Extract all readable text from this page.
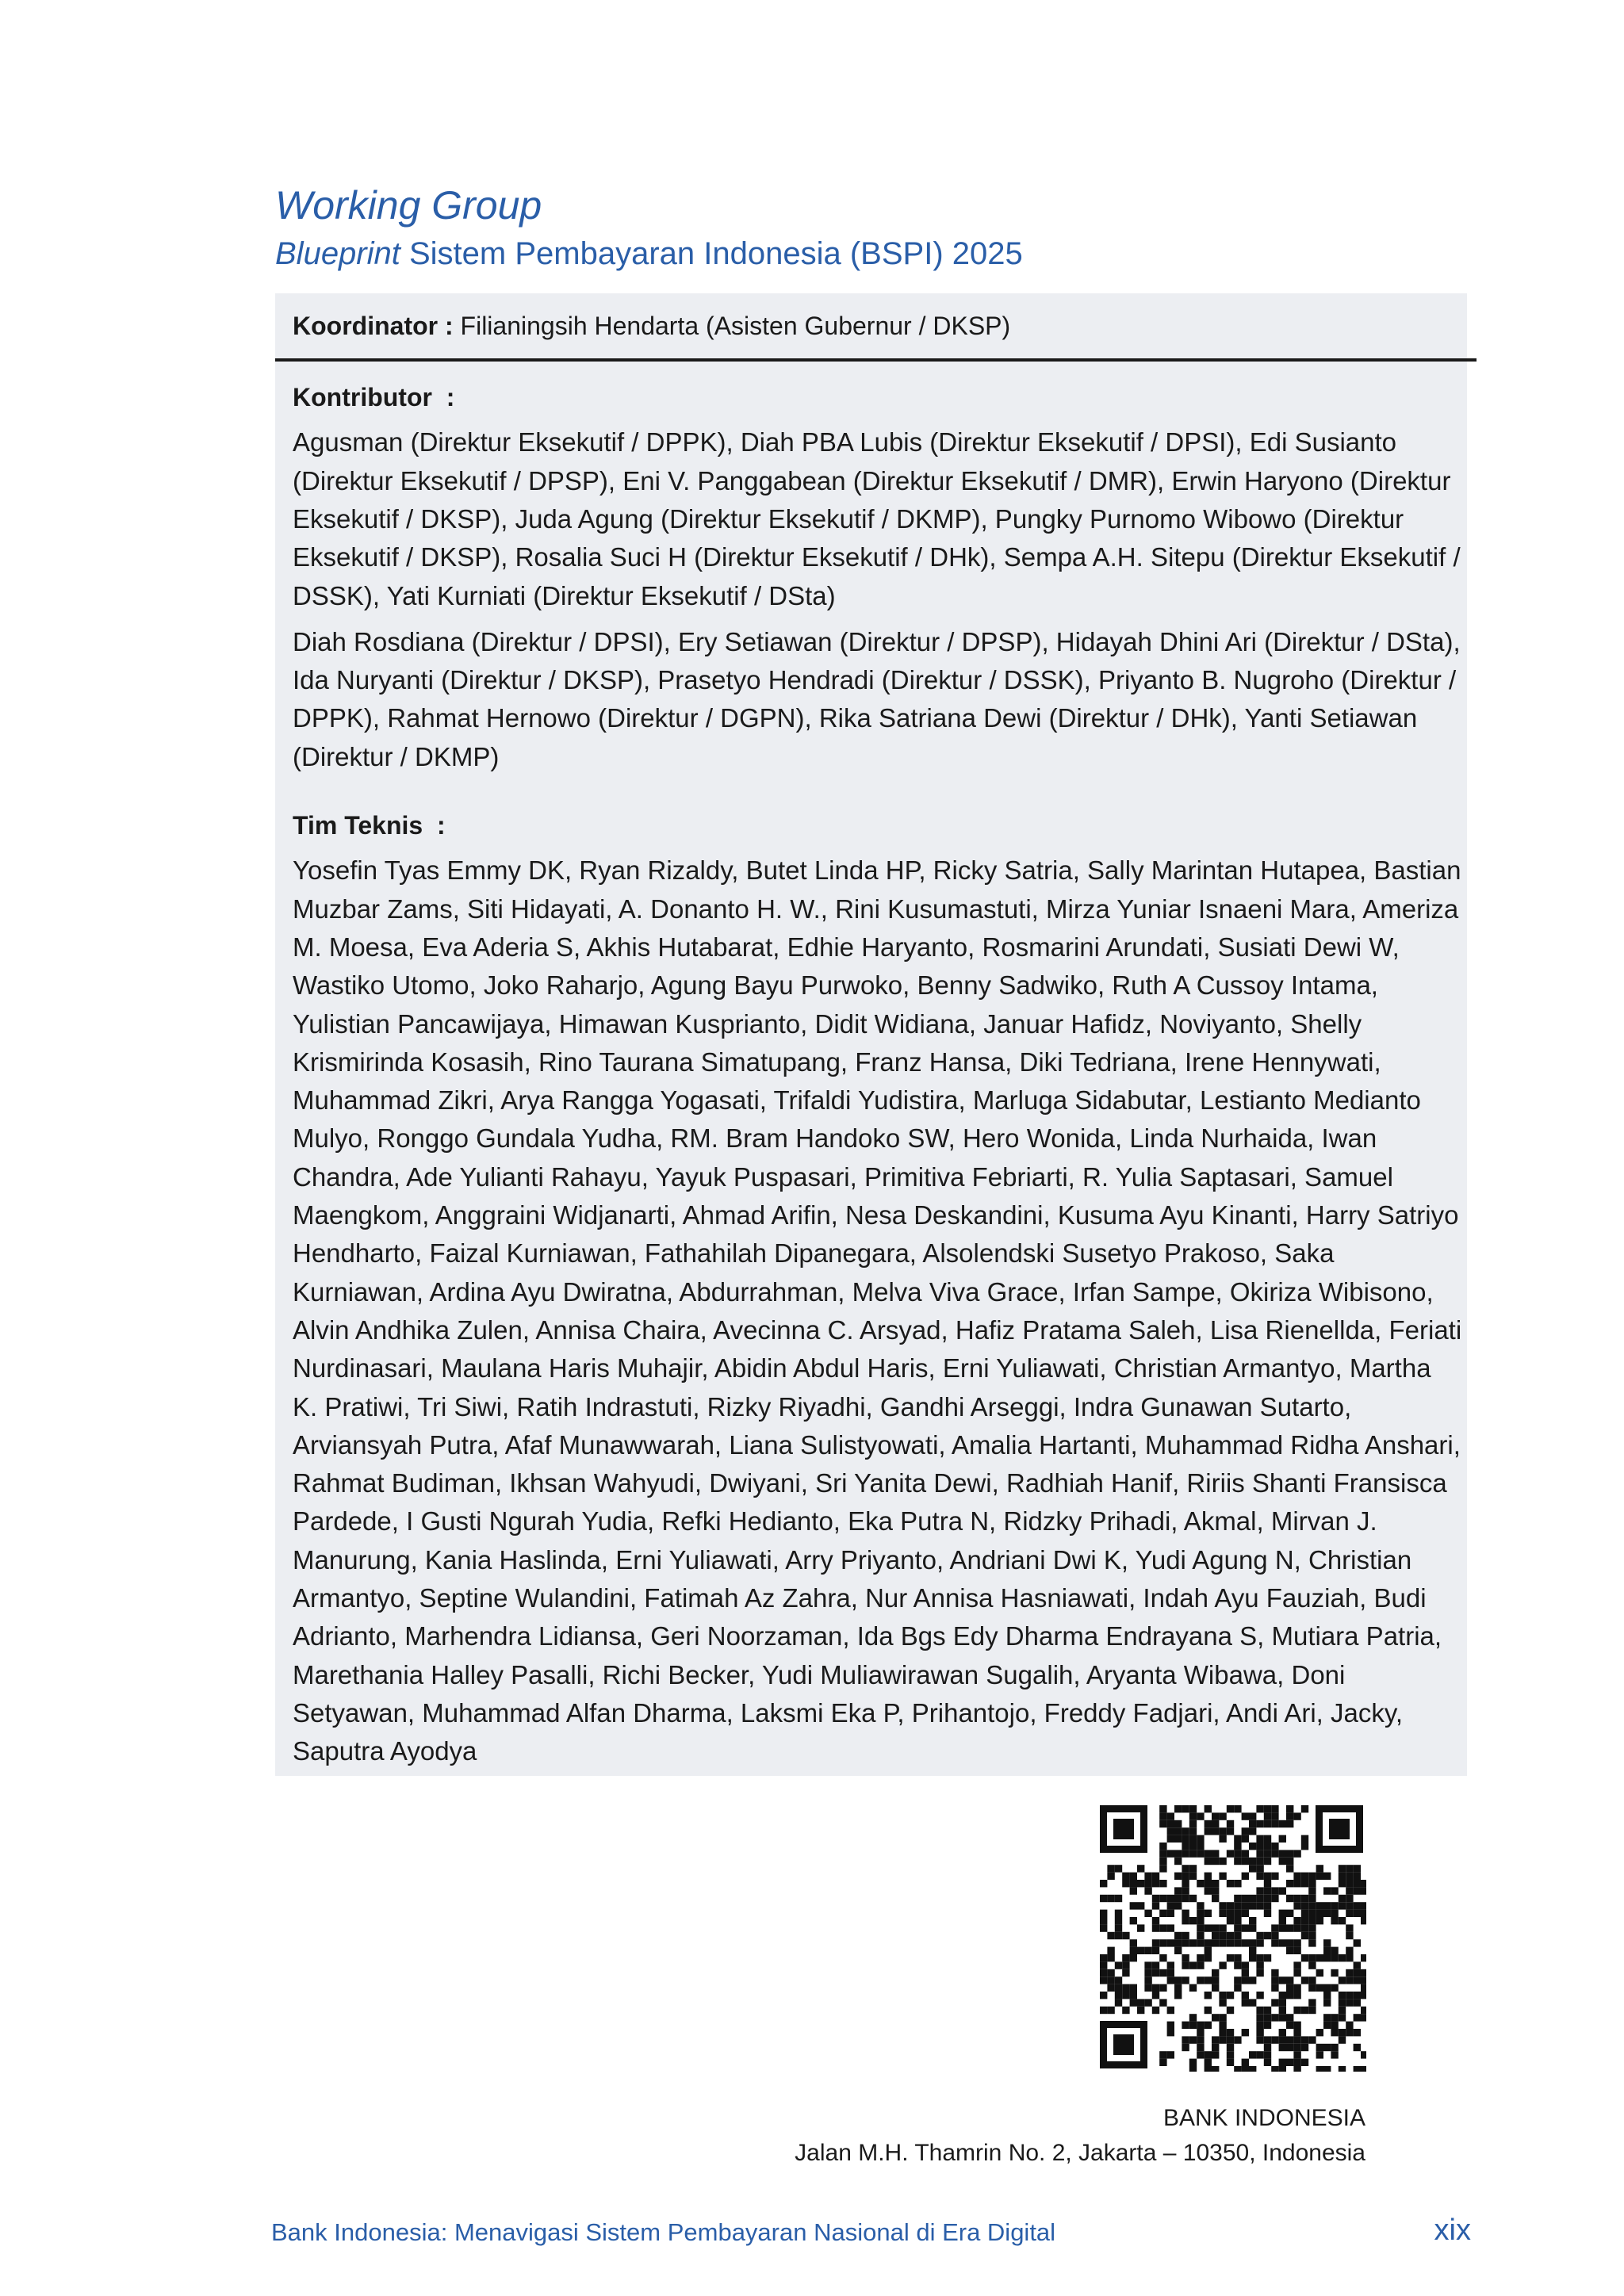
Working Group
Blueprint Sistem Pembayaran Indonesia (BSPI) 2025
Koordinator : Filianingsih Hendarta (Asisten Gubernur / DKSP)
Kontributor  :

Agusman (Direktur Eksekutif / DPPK), Diah PBA Lubis (Direktur Eksekutif / DPSI), Edi Susianto (Direktur Eksekutif / DPSP), Eni V. Panggabean (Direktur Eksekutif / DMR), Erwin Haryono (Direktur Eksekutif / DKSP), Juda Agung (Direktur Eksekutif / DKMP), Pungky Purnomo Wibowo (Direktur Eksekutif / DKSP), Rosalia Suci H (Direktur Eksekutif / DHk), Sempa A.H. Sitepu (Direktur Eksekutif / DSSK), Yati Kurniati (Direktur Eksekutif / DSta)

Diah Rosdiana (Direktur / DPSI), Ery Setiawan (Direktur / DPSP), Hidayah Dhini Ari (Direktur / DSta), Ida Nuryanti (Direktur / DKSP), Prasetyo Hendradi (Direktur / DSSK), Priyanto B. Nugroho (Direktur / DPPK), Rahmat Hernowo (Direktur / DGPN), Rika Satriana Dewi (Direktur / DHk), Yanti Setiawan (Direktur / DKMP)

Tim Teknis  :

Yosefin Tyas Emmy DK, Ryan Rizaldy, Butet Linda HP, Ricky Satria, Sally Marintan Hutapea, Bastian Muzbar Zams, Siti Hidayati, A. Donanto H. W., Rini Kusumastuti, Mirza Yuniar Isnaeni Mara, Ameriza M. Moesa, Eva Aderia S, Akhis Hutabarat, Edhie Haryanto, Rosmarini Arundati, Susiati Dewi W, Wastiko Utomo, Joko Raharjo, Agung Bayu Purwoko, Benny Sadwiko, Ruth A Cussoy Intama, Yulistian Pancawijaya, Himawan Kusprianto, Didit Widiana, Januar Hafidz, Noviyanto, Shelly Krismirinda Kosasih, Rino Taurana Simatupang, Franz Hansa, Diki Tedriana, Irene Hennywati, Muhammad Zikri, Arya Rangga Yogasati, Trifaldi Yudistira, Marluga Sidabutar, Lestianto Medianto Mulyo, Ronggo Gundala Yudha, RM. Bram Handoko SW, Hero Wonida, Linda Nurhaida, Iwan Chandra, Ade Yulianti Rahayu, Yayuk Puspasari, Primitiva Febriarti, R. Yulia Saptasari, Samuel Maengkom, Anggraini Widjanarti, Ahmad Arifin, Nesa Deskandini, Kusuma Ayu Kinanti, Harry Satriyo Hendharto, Faizal Kurniawan, Fathahilah Dipanegara, Alsolendski Susetyo Prakoso, Saka Kurniawan, Ardina Ayu Dwiratna, Abdurrahman, Melva Viva Grace, Irfan Sampe, Okiriza Wibisono, Alvin Andhika Zulen, Annisa Chaira, Avecinna C. Arsyad, Hafiz Pratama Saleh, Lisa Rienellda, Feriati Nurdinasari, Maulana Haris Muhajir, Abidin Abdul Haris, Erni Yuliawati, Christian Armantyo, Martha K. Pratiwi, Tri Siwi, Ratih Indrastuti, Rizky Riyadhi, Gandhi Arseggi, Indra Gunawan Sutarto, Arviansyah Putra, Afaf Munawwarah, Liana Sulistyowati, Amalia Hartanti, Muhammad Ridha Anshari, Rahmat Budiman, Ikhsan Wahyudi, Dwiyani, Sri Yanita Dewi, Radhiah Hanif, Ririis Shanti Fransisca Pardede, I Gusti Ngurah Yudia, Refki Hedianto, Eka Putra N, Ridzky Prihadi, Akmal, Mirvan J. Manurung, Kania Haslinda, Erni Yuliawati, Arry Priyanto, Andriani Dwi K, Yudi Agung N, Christian Armantyo, Septine Wulandini, Fatimah Az Zahra, Nur Annisa Hasniawati, Indah Ayu Fauziah, Budi Adrianto, Marhendra Lidiansa, Geri Noorzaman, Ida Bgs Edy Dharma Endrayana S, Mutiara Patria, Marethania Halley Pasalli, Richi Becker, Yudi Muliawirawan Sugalih, Aryanta Wibawa, Doni Setyawan, Muhammad Alfan Dharma, Laksmi Eka P, Prihantojo, Freddy Fadjari, Andi Ari, Jacky, Saputra Ayodya

BANK INDONESIA
Jalan M.H. Thamrin No. 2, Jakarta – 10350, Indonesia
Bank Indonesia: Menavigasi Sistem Pembayaran Nasional di Era Digital	xix
